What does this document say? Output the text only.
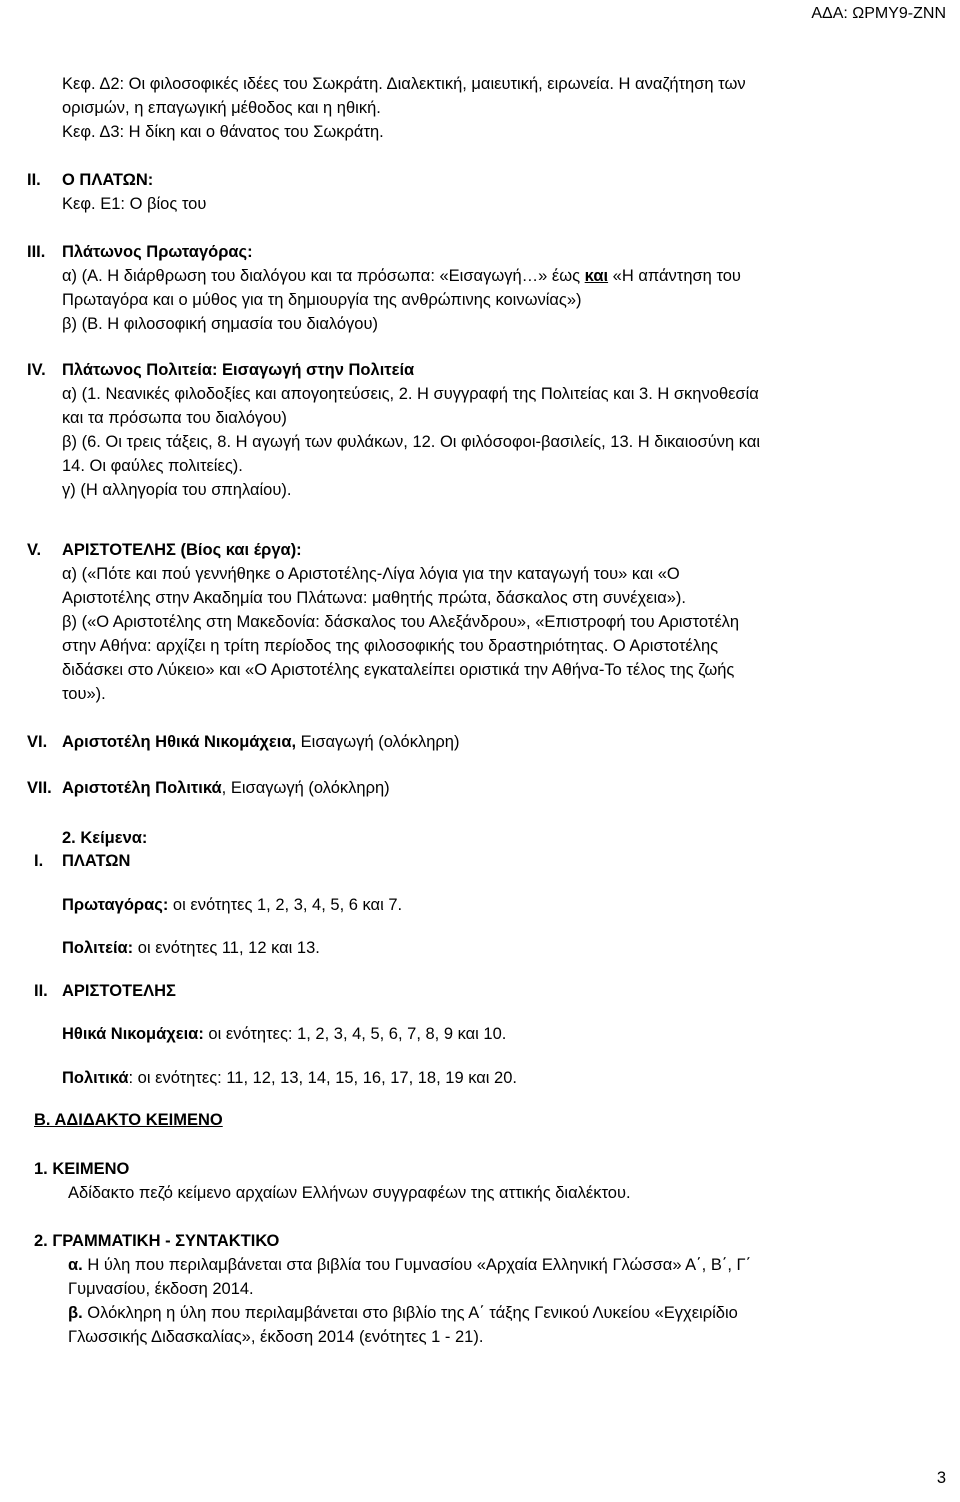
ΑΔΑ: ΩΡΜΥ9-ΖΝΝ
Κεφ. Δ2: Οι φιλοσοφικές ιδέες του Σωκράτη. Διαλεκτική, μαιευτική, ειρωνεία. Η αναζήτηση των
ορισμών, η επαγωγική μέθοδος και η ηθική.
Κεφ. Δ3: Η δίκη και ο θάνατος του Σωκράτη.
II. Ο ΠΛΑΤΩΝ:
Κεφ. Ε1: Ο βίος του
III. Πλάτωνος Πρωταγόρας:
α) (Α. Η διάρθρωση του διαλόγου και τα πρόσωπα: «Εισαγωγή…» έως και «Η απάντηση του
Πρωταγόρα και ο μύθος για τη δημιουργία της ανθρώπινης κοινωνίας»)
β) (Β. Η φιλοσοφική σημασία του διαλόγου)
IV. Πλάτωνος Πολιτεία: Εισαγωγή στην Πολιτεία
α) (1. Νεανικές φιλοδοξίες και απογοητεύσεις, 2. Η συγγραφή της Πολιτείας και 3. Η σκηνοθεσία
και τα πρόσωπα του διαλόγου)
β) (6. Οι τρεις τάξεις, 8. Η αγωγή των φυλάκων, 12. Οι φιλόσοφοι-βασιλείς, 13. Η δικαιοσύνη και
14. Οι φαύλες πολιτείες).
γ) (Η αλληγορία του σπηλαίου).
V. ΑΡΙΣΤΟΤΕΛΗΣ (Βίος και έργα):
α) («Πότε και πού γεννήθηκε ο Αριστοτέλης-Λίγα λόγια για την καταγωγή του» και «Ο
Αριστοτέλης στην Ακαδημία του Πλάτωνα: μαθητής πρώτα, δάσκαλος στη συνέχεια»).
β) («Ο Αριστοτέλης στη Μακεδονία: δάσκαλος του Αλεξάνδρου», «Επιστροφή του Αριστοτέλη
στην Αθήνα: αρχίζει η τρίτη περίοδος της φιλοσοφικής του δραστηριότητας. Ο Αριστοτέλης
διδάσκει στο Λύκειο» και «Ο Αριστοτέλης εγκαταλείπει οριστικά την Αθήνα-Το τέλος της ζωής
του»).
VI. Αριστοτέλη Ηθικά Νικομάχεια, Εισαγωγή (ολόκληρη)
VII. Αριστοτέλη Πολιτικά, Εισαγωγή (ολόκληρη)
2. Κείμενα:
I. ΠΛΑΤΩΝ
Πρωταγόρας: οι ενότητες 1, 2, 3, 4, 5, 6 και 7.
Πολιτεία: οι ενότητες 11, 12 και 13.
II. ΑΡΙΣΤΟΤΕΛΗΣ
Ηθικά Νικομάχεια: οι ενότητες: 1, 2, 3, 4, 5, 6, 7, 8, 9 και 10.
Πολιτικά: οι ενότητες: 11, 12, 13, 14, 15, 16, 17, 18, 19 και 20.
Β. ΑΔΙΔΑΚΤΟ ΚΕΙΜΕΝΟ
1. ΚΕΙΜΕΝΟ
Αδίδακτο πεζό κείμενο αρχαίων Ελλήνων συγγραφέων της αττικής διαλέκτου.
2. ΓΡΑΜΜΑΤΙΚΗ - ΣΥΝΤΑΚΤΙΚΟ
α. Η ύλη που περιλαμβάνεται στα βιβλία του Γυμνασίου «Αρχαία Ελληνική Γλώσσα» Α΄, Β΄, Γ΄
Γυμνασίου, έκδοση 2014.
β. Ολόκληρη η ύλη που περιλαμβάνεται στο βιβλίο της Α΄ τάξης Γενικού Λυκείου «Εγχειρίδιο
Γλωσσικής Διδασκαλίας», έκδοση 2014 (ενότητες 1 - 21).
3
